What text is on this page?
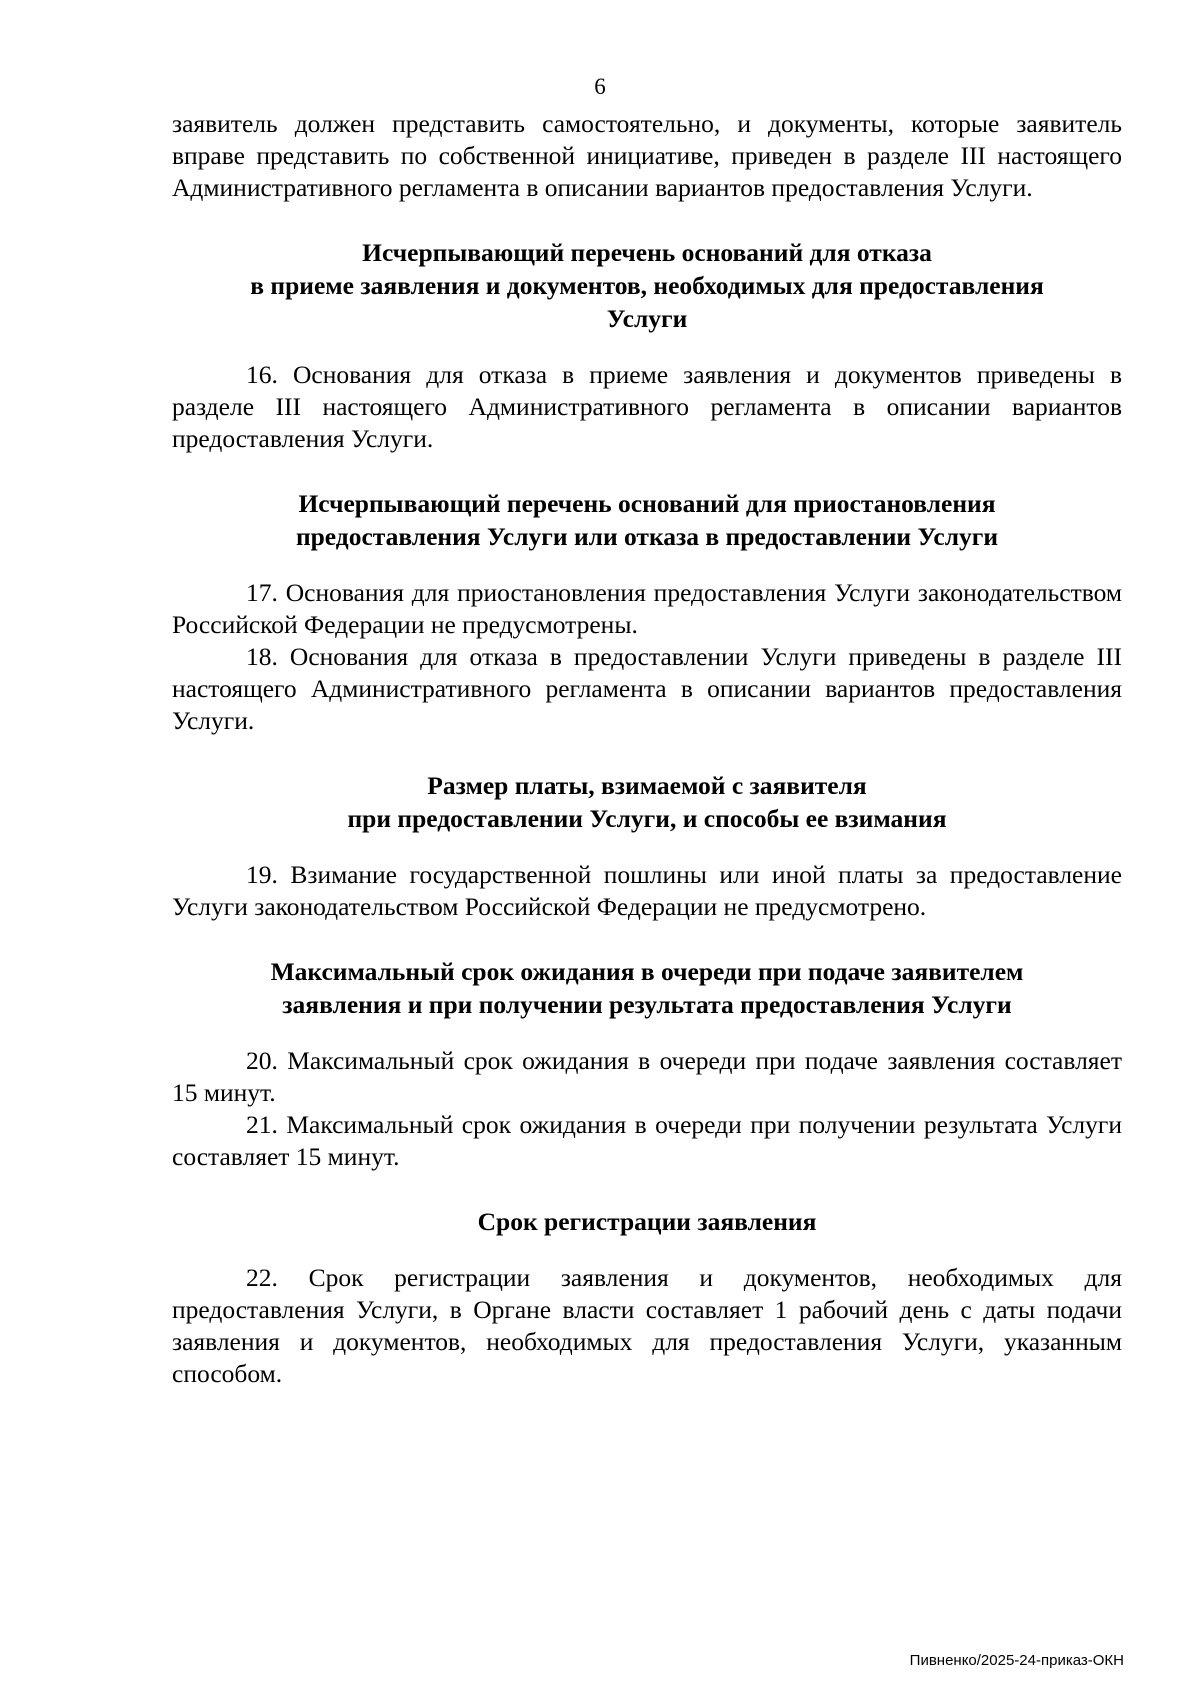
6

заявитель должен представить самостоятельно, и документы, которые заявитель вправе представить по собственной инициативе, приведен в разделе III настоящего Административного регламента в описании вариантов предоставления Услуги.

Исчерпывающий перечень оснований для отказа
в приеме заявления и документов, необходимых для предоставления
Услуги

16. Основания для отказа в приеме заявления и документов приведены в разделе III настоящего Административного регламента в описании вариантов предоставления Услуги.

Исчерпывающий перечень оснований для приостановления
предоставления Услуги или отказа в предоставлении Услуги

17. Основания для приостановления предоставления Услуги законодательством Российской Федерации не предусмотрены.

18. Основания для отказа в предоставлении Услуги приведены в разделе III настоящего Административного регламента в описании вариантов предоставления Услуги.

Размер платы, взимаемой с заявителя
при предоставлении Услуги, и способы ее взимания

19. Взимание государственной пошлины или иной платы за предоставление Услуги законодательством Российской Федерации не предусмотрено.

Максимальный срок ожидания в очереди при подаче заявителем
заявления и при получении результата предоставления Услуги

20. Максимальный срок ожидания в очереди при подаче заявления составляет 15 минут.

21. Максимальный срок ожидания в очереди при получении результата Услуги составляет 15 минут.

Срок регистрации заявления

22. Срок регистрации заявления и документов, необходимых для предоставления Услуги, в Органе власти составляет 1 рабочий день с даты подачи заявления и документов, необходимых для предоставления Услуги, указанным способом.

Пивненко/2025-24-приказ-ОКН
